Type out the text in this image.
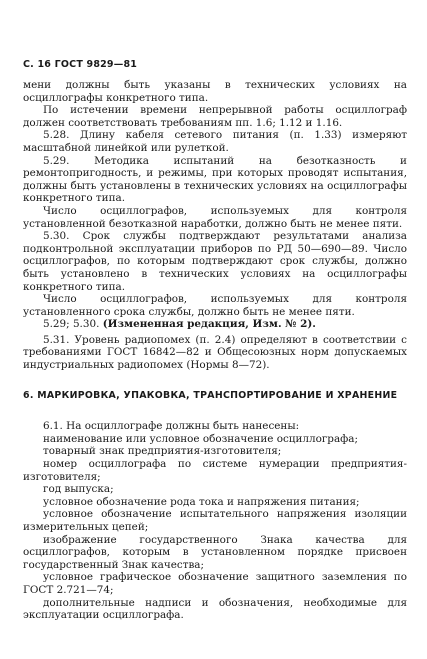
С. 16 ГОСТ 9829—81

мени должны быть указаны в технических условиях на осциллографы конкретного типа.

По истечении времени непрерывной работы осциллограф должен соответствовать требованиям пп. 1.6; 1.12 и 1.16.

5.28. Длину кабеля сетевого питания (п. 1.33) измеряют масштабной линейкой или рулеткой.

5.29. Методика испытаний на безотказность и ремонтопригодность, и режимы, при которых проводят испытания, должны быть установлены в технических условиях на осциллографы конкретного типа.

Число осциллографов, используемых для контроля установленной безотказной наработки, должно быть не менее пяти.

5.30. Срок службы подтверждают результатами анализа подконтрольной эксплуатации приборов по РД 50—690—89. Число осциллографов, по которым подтверждают срок службы, должно быть установлено в технических условиях на осциллографы конкретного типа.

Число осциллографов, используемых для контроля установленного срока службы, должно быть не менее пяти.

5.29; 5.30. (Измененная редакция, Изм. № 2).

5.31. Уровень радиопомех (п. 2.4) определяют в соответствии с требованиями ГОСТ 16842—82 и Общесоюзных норм допускаемых индустриальных радиопомех (Нормы 8—72).

6. МАРКИРОВКА, УПАКОВКА, ТРАНСПОРТИРОВАНИЕ И ХРАНЕНИЕ

6.1. На осциллографе должны быть нанесены:

наименование или условное обозначение осциллографа;

товарный знак предприятия-изготовителя;

номер осциллографа по системе нумерации предприятия-изготовителя;

год выпуска;

условное обозначение рода тока и напряжения питания;

условное обозначение испытательного напряжения изоляции измерительных цепей;

изображение государственного Знака качества для осциллографов, которым в установленном порядке присвоен государственный Знак качества;

условное графическое обозначение защитного заземления по ГОСТ 2.721—74;

дополнительные надписи и обозначения, необходимые для эксплуатации осциллографа.
